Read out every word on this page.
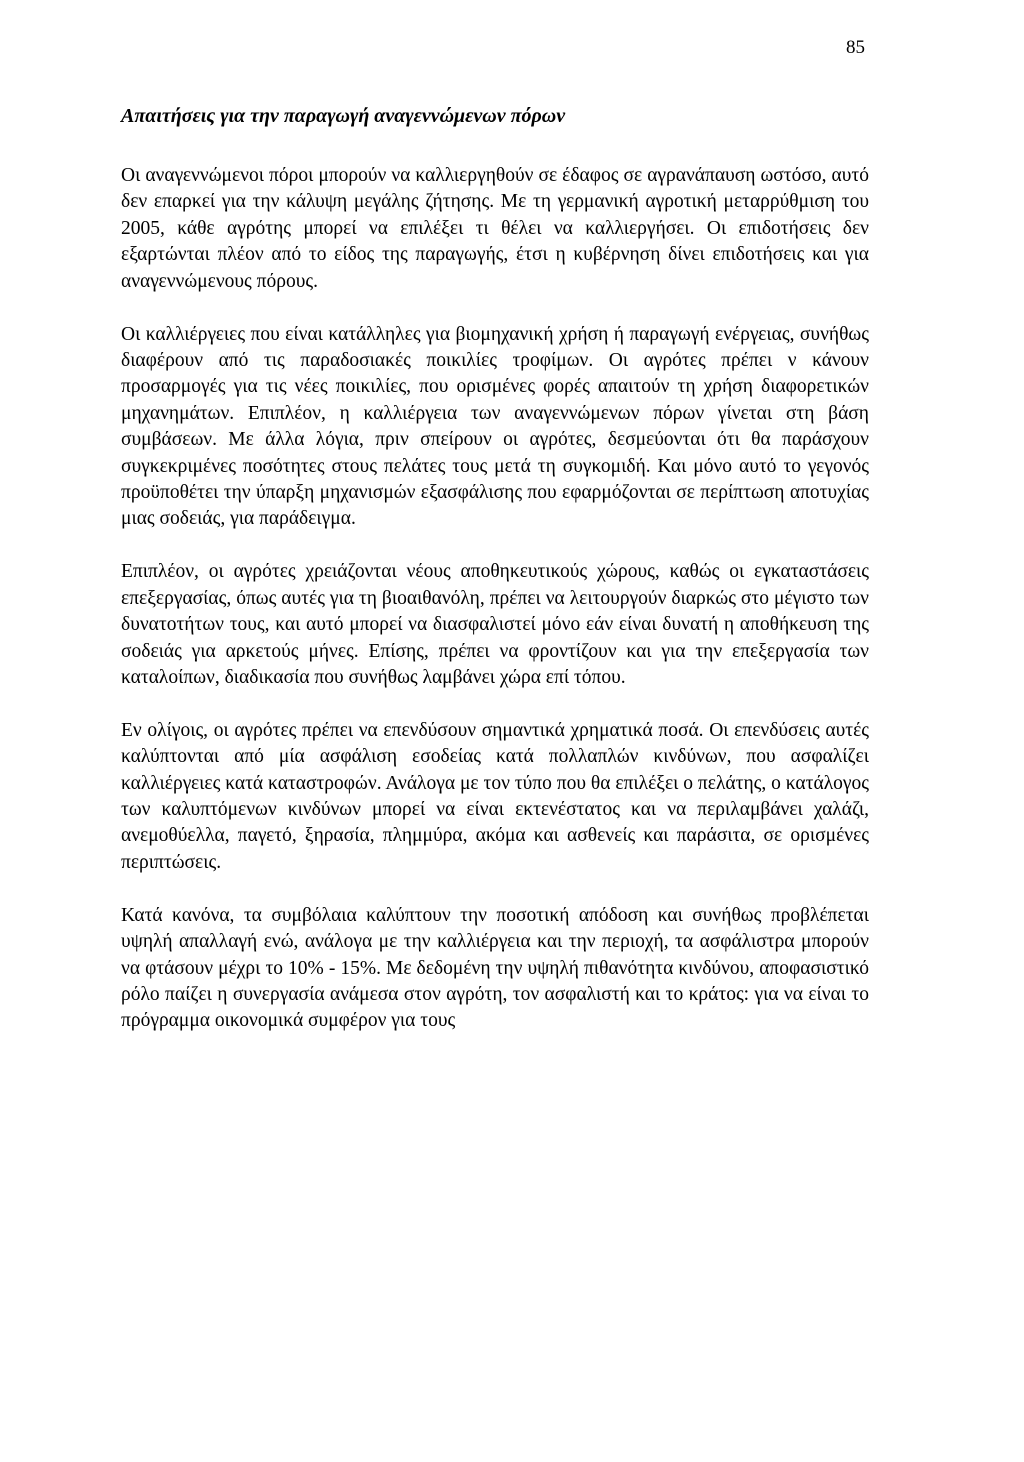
85
Απαιτήσεις για την παραγωγή αναγεννώμενων πόρων

Οι αναγεννώμενοι πόροι μπορούν να καλλιεργηθούν σε έδαφος σε αγρανάπαυση ωστόσο, αυτό δεν επαρκεί για την κάλυψη μεγάλης ζήτησης. Με τη γερμανική αγροτική μεταρρύθμιση του 2005, κάθε αγρότης μπορεί να επιλέξει τι θέλει να καλλιεργήσει. Οι επιδοτήσεις δεν εξαρτώνται πλέον από το είδος της παραγωγής, έτσι η κυβέρνηση δίνει επιδοτήσεις και για αναγεννώμενους πόρους.

Οι καλλιέργειες που είναι κατάλληλες για βιομηχανική χρήση ή παραγωγή ενέργειας, συνήθως διαφέρουν από τις παραδοσιακές ποικιλίες τροφίμων. Οι αγρότες πρέπει ν κάνουν προσαρμογές για τις νέες ποικιλίες, που ορισμένες φορές απαιτούν τη χρήση διαφορετικών μηχανημάτων. Επιπλέον, η καλλιέργεια των αναγεννώμενων πόρων γίνεται στη βάση συμβάσεων. Με άλλα λόγια, πριν σπείρουν οι αγρότες, δεσμεύονται ότι θα παράσχουν συγκεκριμένες ποσότητες στους πελάτες τους μετά τη συγκομιδή. Και μόνο αυτό το γεγονός προϋποθέτει την ύπαρξη μηχανισμών εξασφάλισης που εφαρμόζονται σε περίπτωση αποτυχίας μιας σοδειάς, για παράδειγμα.

Επιπλέον, οι αγρότες χρειάζονται νέους αποθηκευτικούς χώρους, καθώς οι εγκαταστάσεις επεξεργασίας, όπως αυτές για τη βιοαιθανόλη, πρέπει να λειτουργούν διαρκώς στο μέγιστο των δυνατοτήτων τους, και αυτό μπορεί να διασφαλιστεί μόνο εάν είναι δυνατή η αποθήκευση της σοδειάς για αρκετούς μήνες. Επίσης, πρέπει να φροντίζουν και για την επεξεργασία των καταλοίπων, διαδικασία που συνήθως λαμβάνει χώρα επί τόπου.

Εν ολίγοις, οι αγρότες πρέπει να επενδύσουν σημαντικά χρηματικά ποσά. Οι επενδύσεις αυτές καλύπτονται από μία ασφάλιση εσοδείας κατά πολλαπλών κινδύνων, που ασφαλίζει καλλιέργειες κατά καταστροφών. Ανάλογα με τον τύπο που θα επιλέξει ο πελάτης, ο κατάλογος των καλυπτόμενων κινδύνων μπορεί να είναι εκτενέστατος και να περιλαμβάνει χαλάζι, ανεμοθύελλα, παγετό, ξηρασία, πλημμύρα, ακόμα και ασθενείς και παράσιτα, σε ορισμένες περιπτώσεις.

Κατά κανόνα, τα συμβόλαια καλύπτουν την ποσοτική απόδοση και συνήθως προβλέπεται υψηλή απαλλαγή ενώ, ανάλογα με την καλλιέργεια και την περιοχή, τα ασφάλιστρα μπορούν να φτάσουν μέχρι το 10% - 15%. Με δεδομένη την υψηλή πιθανότητα κινδύνου, αποφασιστικό ρόλο παίζει η συνεργασία ανάμεσα στον αγρότη, τον ασφαλιστή και το κράτος: για να είναι το πρόγραμμα οικονομικά συμφέρον για τους
